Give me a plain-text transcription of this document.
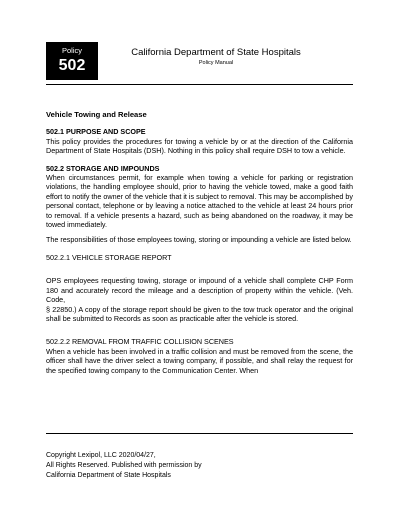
Policy
502
California Department of State Hospitals
Policy Manual

Vehicle Towing and Release

502.1 PURPOSE AND SCOPE

This policy provides the procedures for towing a vehicle by or at the direction of the California Department of State Hospitals (DSH). Nothing in this policy shall require DSH to tow a vehicle.

502.2 STORAGE AND IMPOUNDS

When circumstances permit, for example when towing a vehicle for parking or registration violations, the handling employee should, prior to having the vehicle towed, make a good faith effort to notify the owner of the vehicle that it is subject to removal. This may be accomplished by personal contact, telephone or by leaving a notice attached to the vehicle at least 24 hours prior to removal. If a vehicle presents a hazard, such as being abandoned on the roadway, it may be towed immediately.

The responsibilities of those employees towing, storing or impounding a vehicle are listed below.

502.2.1 VEHICLE STORAGE REPORT

OPS employees requesting towing, storage or impound of a vehicle shall complete CHP Form 180 and accurately record the mileage and a description of property within the vehicle. (Veh. Code,

§ 22850.) A copy of the storage report should be given to the tow truck operator and the original shall be submitted to Records as soon as practicable after the vehicle is stored.

502.2.2 REMOVAL FROM TRAFFIC COLLISION SCENES

When a vehicle has been involved in a traffic collision and must be removed from the scene, the officer shall have the driver select a towing company, if possible, and shall relay the request for the specified towing company to the Communication Center. When

Copyright Lexipol, LLC 2020/04/27,
All Rights Reserved. Published with permission by
California Department of State Hospitals
